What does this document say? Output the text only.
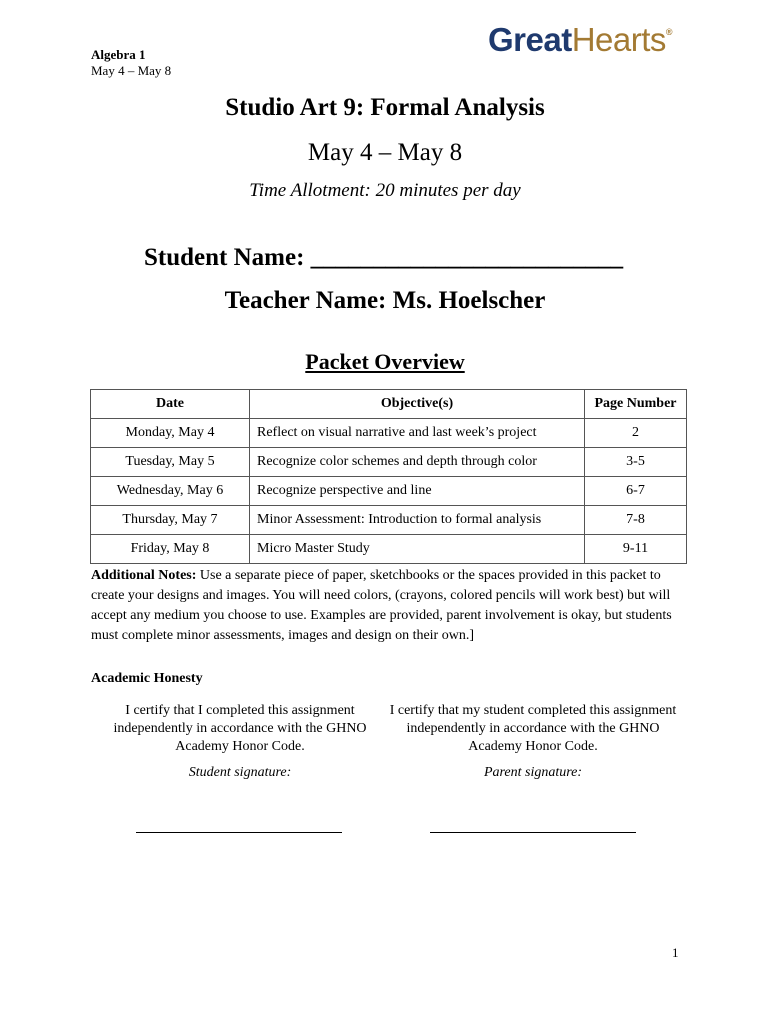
Algebra 1
May 4 – May 8
GreatHearts®
Studio Art 9: Formal Analysis
May 4 – May 8
Time Allotment: 20 minutes per day
Student Name: _________________________
Teacher Name: Ms. Hoelscher
Packet Overview
Date	Objective(s)	Page Number
Monday, May 4	Reflect on visual narrative and last week’s project	2
Tuesday, May 5	Recognize color schemes and depth through color	3-5
Wednesday, May 6	Recognize perspective and line	6-7
Thursday, May 7	Minor Assessment: Introduction to formal analysis	7-8
Friday, May 8	Micro Master Study	9-11
Additional Notes: Use a separate piece of paper, sketchbooks or the spaces provided in this packet to create your designs and images. You will need colors, (crayons, colored pencils will work best) but will accept any medium you choose to use. Examples are provided, parent involvement is okay, but students must complete minor assessments, images and design on their own.]
Academic Honesty
I certify that I completed this assignment independently in accordance with the GHNO Academy Honor Code.
I certify that my student completed this assignment independently in accordance with the GHNO Academy Honor Code.
Student signature:	Parent signature:
1
